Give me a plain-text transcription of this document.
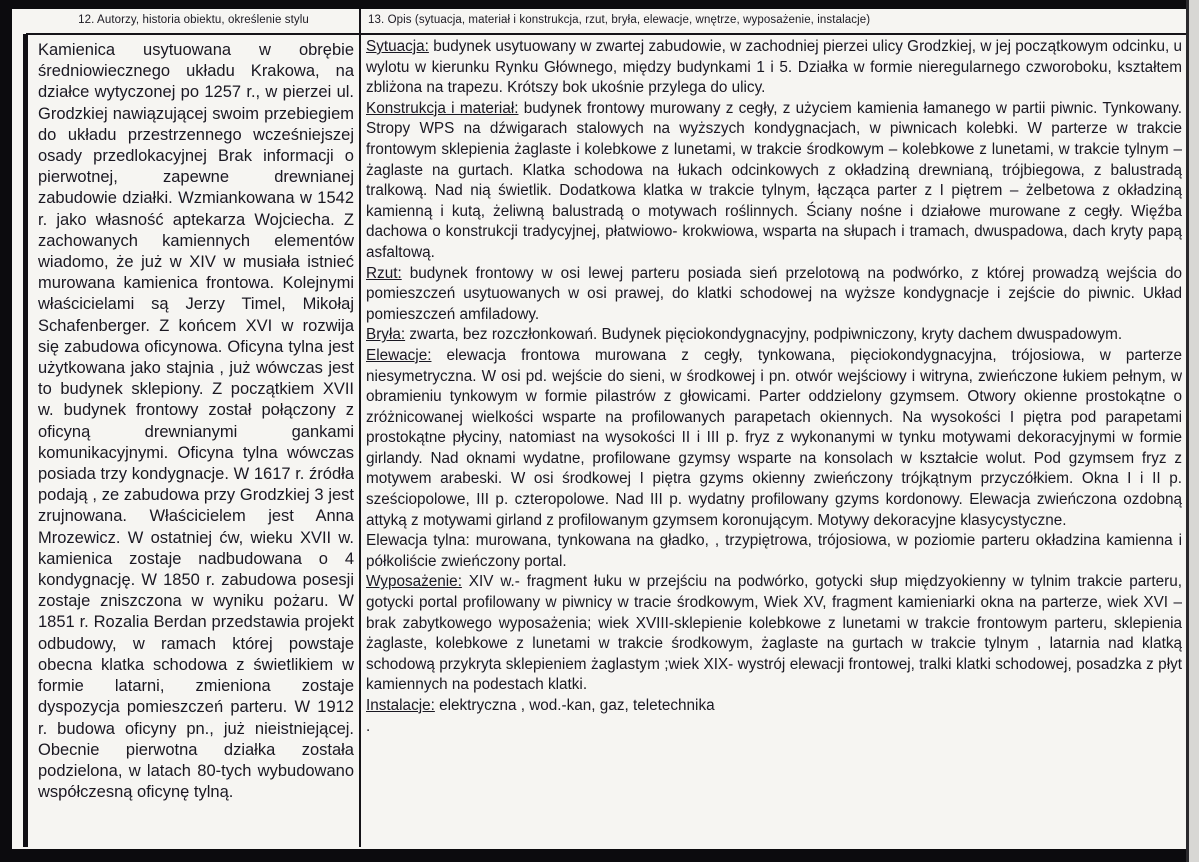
12. Autorzy, historia obiektu, określenie stylu	13. Opis (sytuacja, materiał i konstrukcja, rzut, bryła, elewacje, wnętrze, wyposażenie, instalacje)

Kamienica usytuowana w obrębie średniowiecznego układu Krakowa, na działce wytyczonej po 1257 r., w pierzei ul. Grodzkiej nawiązującej swoim przebiegiem do układu przestrzennego wcześniejszej osady przedlokacyjnej Brak informacji o pierwotnej, zapewne drewnianej zabudowie działki. Wzmiankowana w 1542 r. jako własność aptekarza Wojciecha. Z zachowanych kamiennych elementów wiadomo, że już w XIV w musiała istnieć murowana kamienica frontowa. Kolejnymi właścicielami są Jerzy Timel, Mikołaj Schafenberger. Z końcem XVI w rozwija się zabudowa oficynowa. Oficyna tylna jest użytkowana jako stajnia , już wówczas jest to budynek sklepiony. Z początkiem XVII w. budynek frontowy został połączony z oficyną drewnianymi gankami komunikacyjnymi. Oficyna tylna wówczas posiada trzy kondygnacje. W 1617 r. źródła podają , ze zabudowa przy Grodzkiej 3 jest zrujnowana. Właścicielem jest Anna Mrozewicz. W ostatniej ćw, wieku XVII w. kamienica zostaje nadbudowana o 4 kondygnację. W 1850 r. zabudowa posesji zostaje zniszczona w wyniku pożaru. W 1851 r. Rozalia Berdan przedstawia projekt odbudowy, w ramach której powstaje obecna klatka schodowa z świetlikiem w formie latarni, zmieniona zostaje dyspozycja pomieszczeń parteru. W 1912 r. budowa oficyny pn., już nieistniejącej. Obecnie pierwotna działka została podzielona, w latach 80-tych wybudowano współczesną oficynę tylną.

Sytuacja: budynek usytuowany w zwartej zabudowie, w zachodniej pierzei ulicy Grodzkiej, w jej początkowym odcinku, u wylotu w kierunku Rynku Głównego, między budynkami 1 i 5. Działka w formie nieregularnego czworoboku, kształtem zbliżona na trapezu. Krótszy bok ukośnie przylega do ulicy.

Konstrukcja i materiał: budynek frontowy murowany z cegły, z użyciem kamienia łamanego w partii piwnic. Tynkowany. Stropy WPS na dźwigarach stalowych na wyższych kondygnacjach, w piwnicach kolebki. W parterze w trakcie frontowym sklepienia żaglaste i kolebkowe z lunetami, w trakcie środkowym – kolebkowe z lunetami, w trakcie tylnym – żaglaste na gurtach. Klatka schodowa na łukach odcinkowych z okładziną drewnianą, trójbiegowa, z balustradą tralkową. Nad nią świetlik. Dodatkowa klatka w trakcie tylnym, łącząca parter z I piętrem – żelbetowa z okładziną kamienną i kutą, żeliwną balustradą o motywach roślinnych. Ściany nośne i działowe murowane z cegły. Więźba dachowa o konstrukcji tradycyjnej, płatwiowo- krokwiowa, wsparta na słupach i tramach, dwuspadowa, dach kryty papą asfaltową.

Rzut: budynek frontowy w osi lewej parteru posiada sień przelotową na podwórko, z której prowadzą wejścia do pomieszczeń usytuowanych w osi prawej, do klatki schodowej na wyższe kondygnacje i zejście do piwnic. Układ pomieszczeń amfiladowy.

Bryła: zwarta, bez rozczłonkowań. Budynek pięciokondygnacyjny, podpiwniczony, kryty dachem dwuspadowym.

Elewacje: elewacja frontowa murowana z cegły, tynkowana, pięciokondygnacyjna, trójosiowa, w parterze niesymetryczna. W osi pd. wejście do sieni, w środkowej i pn. otwór wejściowy i witryna, zwieńczone łukiem pełnym, w obramieniu tynkowym w formie pilastrów z głowicami. Parter oddzielony gzymsem. Otwory okienne prostokątne o zróżnicowanej wielkości wsparte na profilowanych parapetach okiennych. Na wysokości I piętra pod parapetami prostokątne płyciny, natomiast na wysokości II i III p. fryz z wykonanymi w tynku motywami dekoracyjnymi w formie girlandy. Nad oknami wydatne, profilowane gzymsy wsparte na konsolach w kształcie wolut. Pod gzymsem fryz z motywem arabeski. W osi środkowej I piętra gzyms okienny zwieńczony trójkątnym przyczółkiem. Okna I i II p. sześciopolowe, III p. czteropolowe. Nad III p. wydatny profilowany gzyms kordonowy. Elewacja zwieńczona ozdobną attyką z motywami girland z profilowanym gzymsem koronującym. Motywy dekoracyjne klasycystyczne.

Elewacja tylna: murowana, tynkowana na gładko, , trzypiętrowa, trójosiowa, w poziomie parteru okładzina kamienna i półkoliście zwieńczony portal.

Wyposażenie: XIV w.- fragment łuku w przejściu na podwórko, gotycki słup międzyokienny w tylnim trakcie parteru, gotycki portal profilowany w piwnicy w tracie środkowym, Wiek XV, fragment kamieniarki okna na parterze, wiek XVI –brak zabytkowego wyposażenia; wiek XVIII-sklepienie kolebkowe z lunetami w trakcie frontowym parteru, sklepienia żaglaste, kolebkowe z lunetami w trakcie środkowym, żaglaste na gurtach w trakcie tylnym , latarnia nad klatką schodową przykryta sklepieniem żaglastym ;wiek XIX- wystrój elewacji frontowej, tralki klatki schodowej, posadzka z płyt kamiennych na podestach klatki.

Instalacje: elektryczna , wod.-kan, gaz, teletechnika

.
